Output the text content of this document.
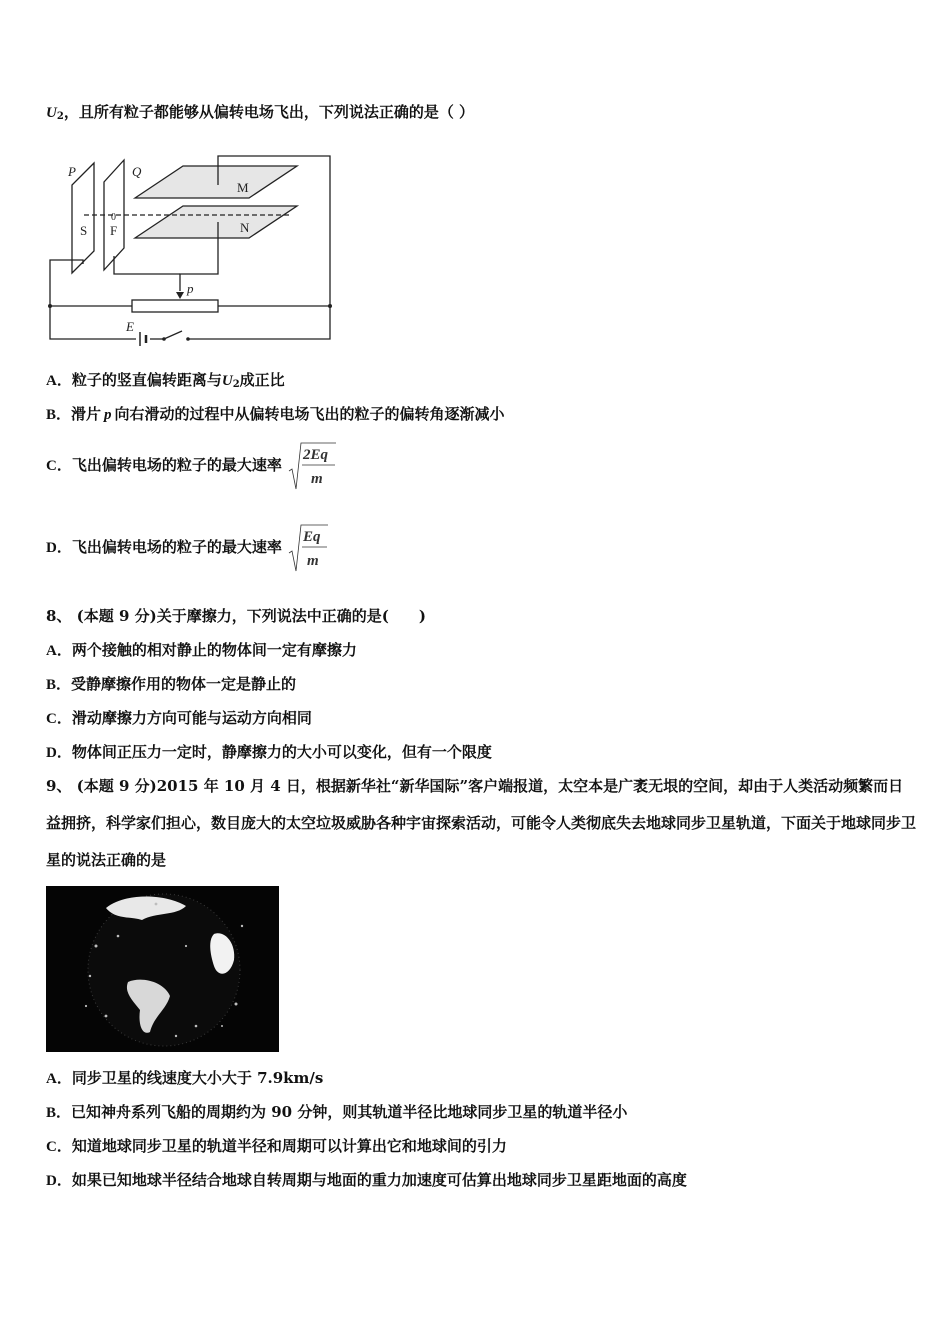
$U_2$，且所有粒子都能够从偏转电场飞出，下列说法正确的是（ ）
P	Q
M
N
S F
0
p
E
A．粒子的竖直偏转距离与$U_2$成正比
B．滑片 p 向右滑动的过程中从偏转电场飞出的粒子的偏转角逐渐减小
C．飞出偏转电场的粒子的最大速率
2Eq
m
D．飞出偏转电场的粒子的最大速率
Eq
m
8、 (本题 9 分)关于摩擦力，下列说法中正确的是(　　)
A．两个接触的相对静止的物体间一定有摩擦力
B．受静摩擦作用的物体一定是静止的
C．滑动摩擦力方向可能与运动方向相同
D．物体间正压力一定时，静摩擦力的大小可以变化，但有一个限度
9、 (本题 9 分)2015 年 10 月 4 日，根据新华社“新华国际”客户端报道，太空本是广袤无垠的空间，却由于人类活动频繁而日益拥挤，科学家们担心，数目庞大的太空垃圾威胁各种宇宙探索活动，可能令人类彻底失去地球同步卫星轨道，下面关于地球同步卫星的说法正确的是
A．同步卫星的线速度大小大于 7.9km/s
B．已知神舟系列飞船的周期约为 90 分钟，则其轨道半径比地球同步卫星的轨道半径小
C．知道地球同步卫星的轨道半径和周期可以计算出它和地球间的引力
D．如果已知地球半径结合地球自转周期与地面的重力加速度可估算出地球同步卫星距地面的高度
